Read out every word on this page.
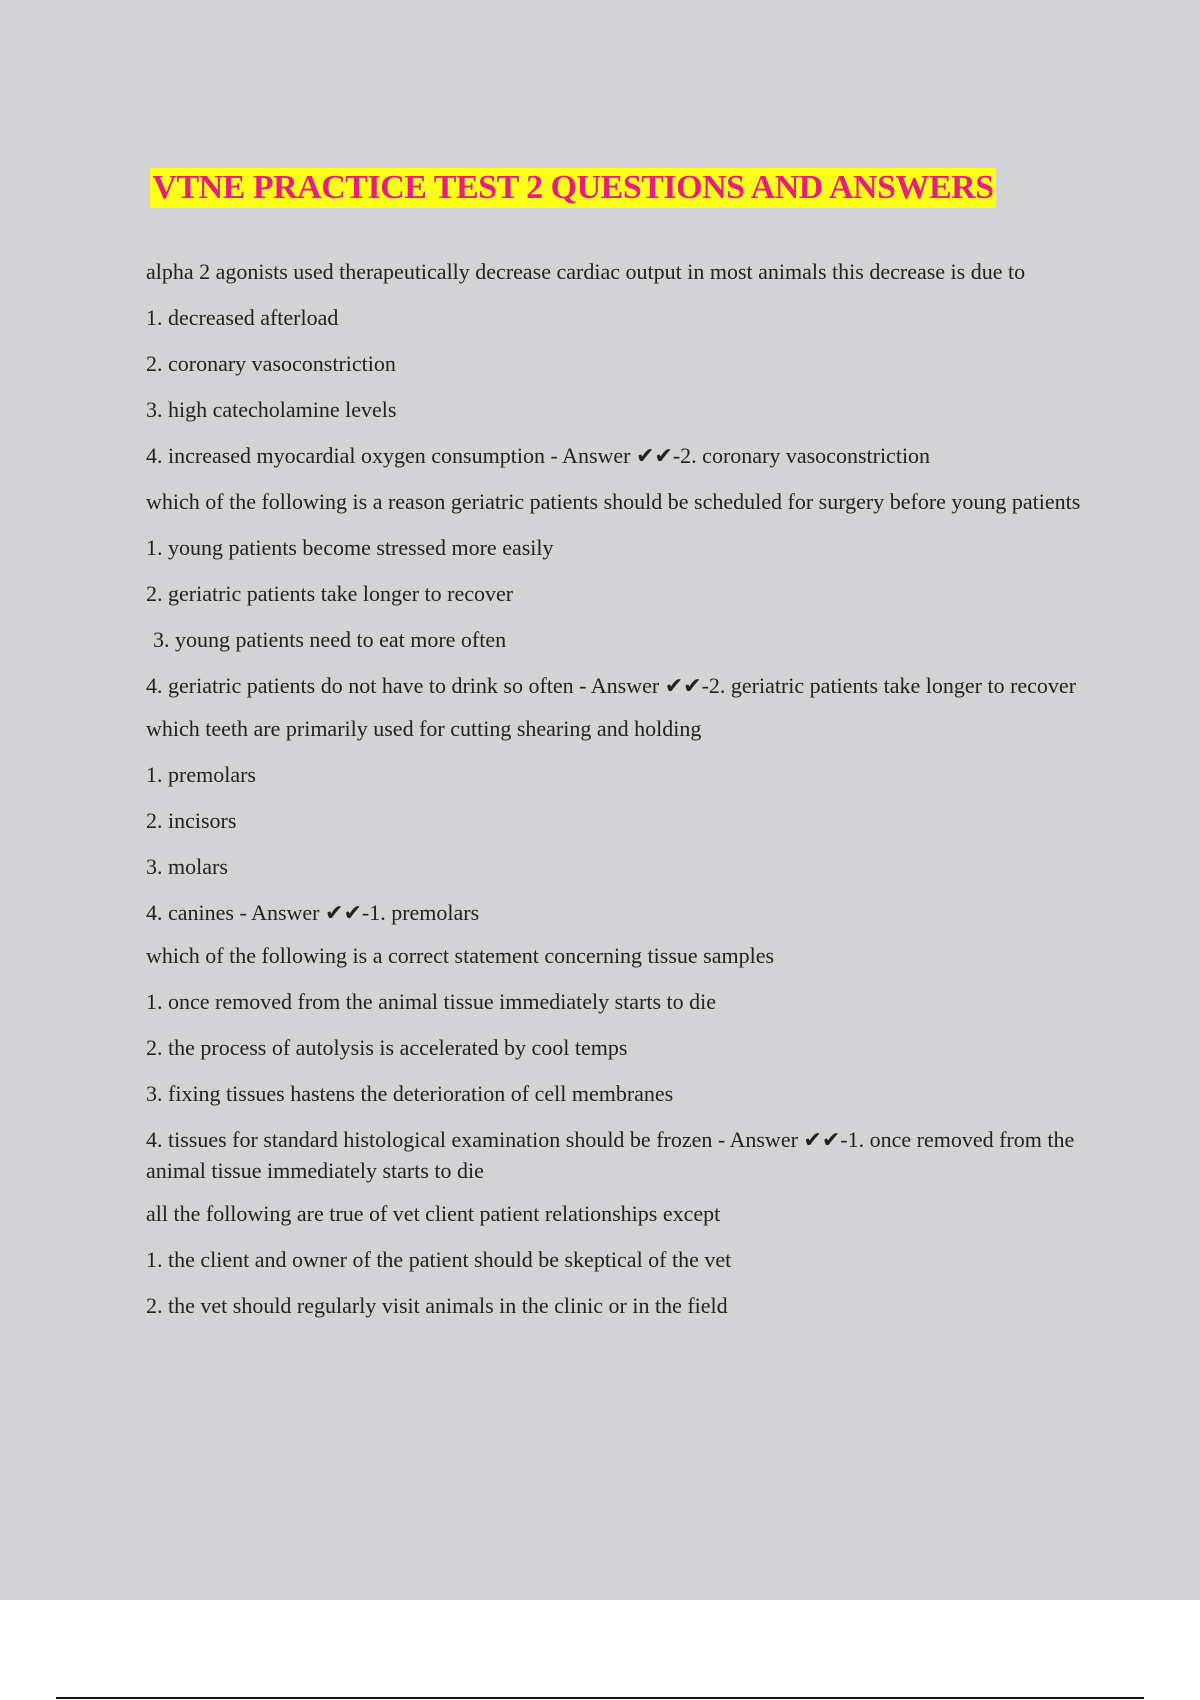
VTNE PRACTICE TEST 2 QUESTIONS AND ANSWERS

alpha 2 agonists used therapeutically decrease cardiac output in most animals this decrease is due to

1. decreased afterload

2. coronary vasoconstriction

3. high catecholamine levels

4. increased myocardial oxygen consumption - Answer ✔✔-2. coronary vasoconstriction

which of the following is a reason geriatric patients should be scheduled for surgery before young patients

1. young patients become stressed more easily

2. geriatric patients take longer to recover

3. young patients need to eat more often

4. geriatric patients do not have to drink so often - Answer ✔✔-2. geriatric patients take longer to recover

which teeth are primarily used for cutting shearing and holding

1. premolars

2. incisors

3. molars

4. canines - Answer ✔✔-1. premolars

which of the following is a correct statement concerning tissue samples

1. once removed from the animal tissue immediately starts to die

2. the process of autolysis is accelerated by cool temps

3. fixing tissues hastens the deterioration of cell membranes

4. tissues for standard histological examination should be frozen - Answer ✔✔-1. once removed from the animal tissue immediately starts to die

all the following are true of vet client patient relationships except

1. the client and owner of the patient should be skeptical of the vet

2. the vet should regularly visit animals in the clinic or in the field
